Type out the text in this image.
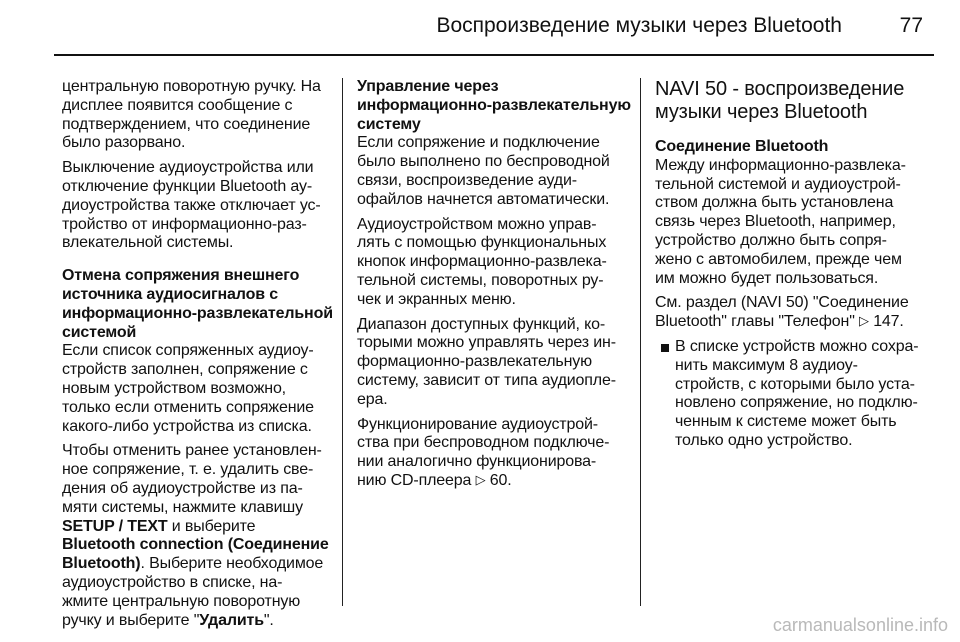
Воспроизведение музыки через Bluetooth	77
центральную поворотную ручку. На
дисплее появится сообщение с
подтверждением, что соединение
было разорвано.
Выключение аудиоустройства или
отключение функции Bluetooth ау-
диоустройства также отключает ус-
тройство от информационно-раз-
влекательной системы.
Отмена сопряжения внешнего
источника аудиосигналов с
информационно-развлекательной
системой
Если список сопряженных аудиоу-
стройств заполнен, сопряжение с
новым устройством возможно,
только если отменить сопряжение
какого-либо устройства из списка.
Чтобы отменить ранее установлен-
ное сопряжение, т. е. удалить све-
дения об аудиоустройстве из па-
мяти системы, нажмите клавишу
SETUP / TEXT и выберите
Bluetooth connection (Соединение
Bluetooth). Выберите необходимое
аудиоустройство в списке, на-
жмите центральную поворотную
ручку и выберите "Удалить".
Управление через
информационно-развлекательную
систему
Если сопряжение и подключение
было выполнено по беспроводной
связи, воспроизведение ауди-
офайлов начнется автоматически.
Аудиоустройством можно управ-
лять с помощью функциональных
кнопок информационно-развлека-
тельной системы, поворотных ру-
чек и экранных меню.
Диапазон доступных функций, ко-
торыми можно управлять через ин-
формационно-развлекательную
систему, зависит от типа аудиопле-
ера.
Функционирование аудиоустрой-
ства при беспроводном подключе-
нии аналогично функционирова-
нию CD-плеера ▷ 60.
NAVI 50 - воспроизведение
музыки через Bluetooth
Соединение Bluetooth
Между информационно-развлека-
тельной системой и аудиоустрой-
ством должна быть установлена
связь через Bluetooth, например,
устройство должно быть сопря-
жено с автомобилем, прежде чем
им можно будет пользоваться.
См. раздел (NAVI 50) "Соединение
Bluetooth" главы "Телефон" ▷ 147.
В списке устройств можно сохра-
нить максимум 8 аудиоу-
стройств, с которыми было уста-
новлено сопряжение, но подклю-
ченным к системе может быть
только одно устройство.
carmanualsonline.info
